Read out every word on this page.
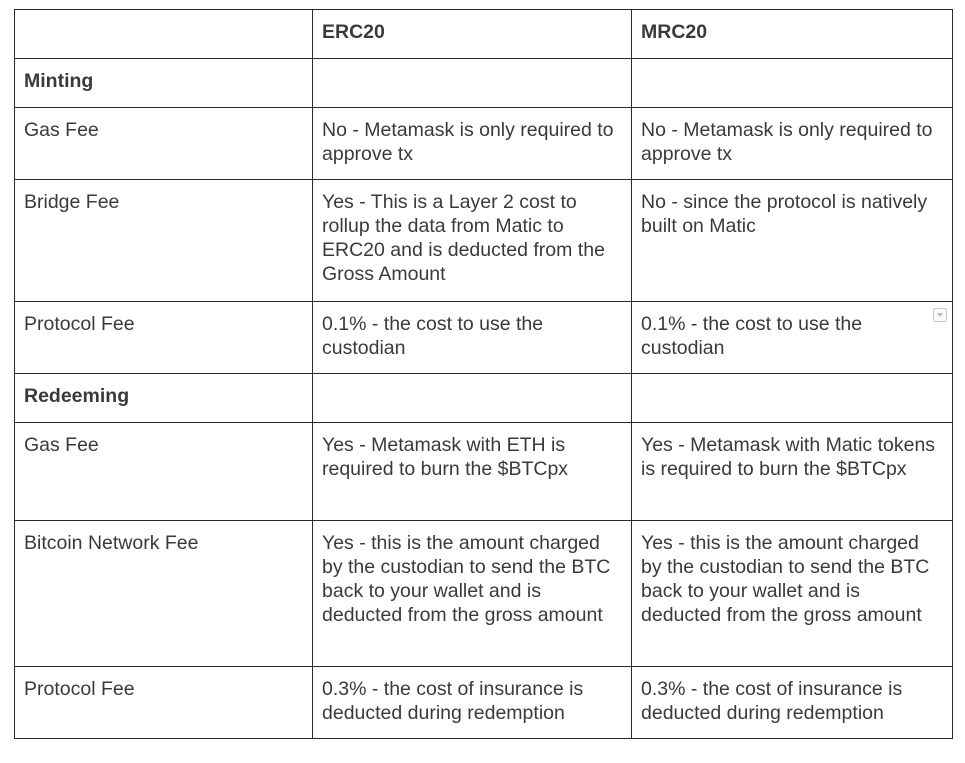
	ERC20	MRC20
Minting		
Gas Fee	No - Metamask is only required to approve tx	No - Metamask is only required to approve tx
Bridge Fee	Yes - This is a Layer 2 cost to rollup the data from Matic to ERC20 and is deducted from the Gross Amount	No - since the protocol is natively built on Matic
Protocol Fee	0.1% - the cost to use the custodian	0.1% - the cost to use the custodian

Redeeming		
Gas Fee	Yes - Metamask with ETH is required to burn the $BTCpx	Yes - Metamask with Matic tokens is required to burn the $BTCpx
Bitcoin Network Fee	Yes - this is the amount charged by the custodian to send the BTC back to your wallet and is deducted from the gross amount	Yes - this is the amount charged by the custodian to send the BTC back to your wallet and is deducted from the gross amount
Protocol Fee	0.3% - the cost of insurance is deducted during redemption	0.3% - the cost of insurance is deducted during redemption
